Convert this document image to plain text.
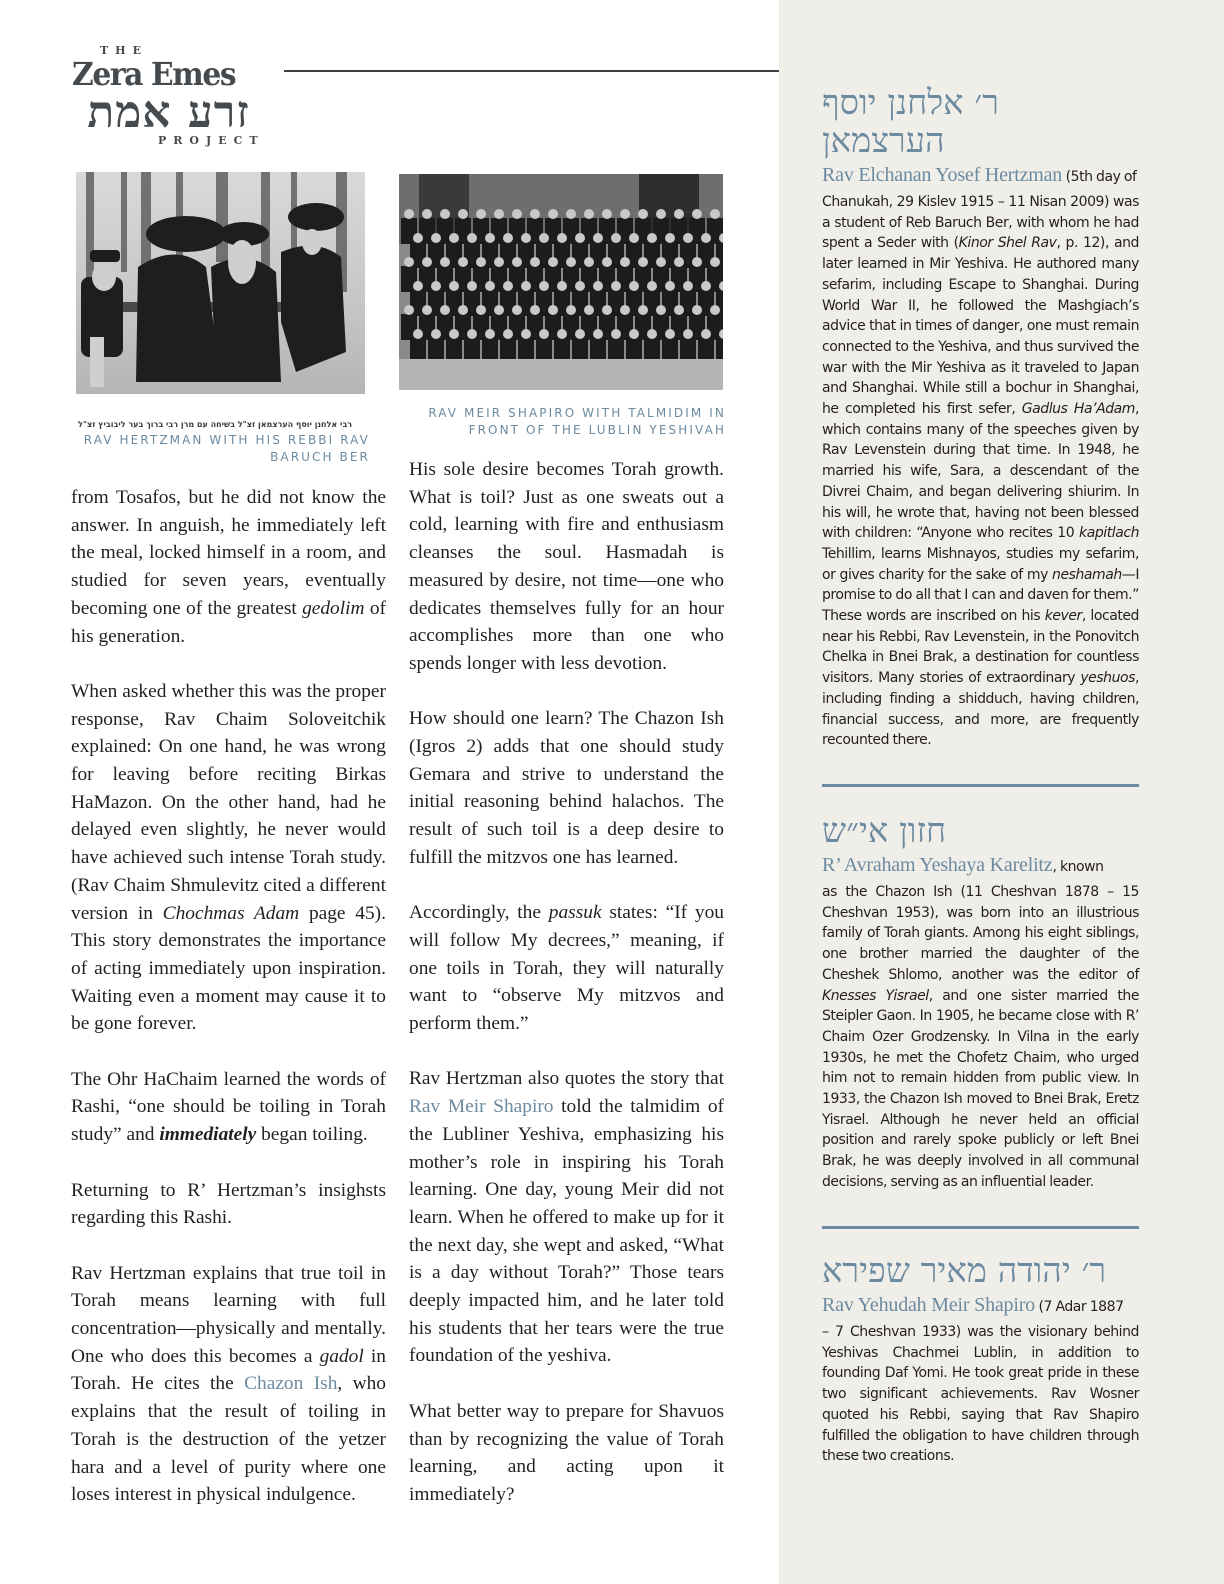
THE
Zera Emes
זרע אמת
PROJECT
רבי אלחנן יוסף הערצמאן זצ"ל בשיחה עם מרן רבי ברוך בער ליבוביץ זצ"ל
RAV HERTZMAN WITH HIS REBBI RAV BARUCH BER
RAV MEIR SHAPIRO WITH TALMIDIM IN FRONT OF THE LUBLIN YESHIVAH

from Tosafos, but he did not know the answer. In anguish, he immediately left the meal, locked himself in a room, and studied for seven years, eventually becoming one of the greatest gedolim of his generation.

When asked whether this was the proper response, Rav Chaim Soloveitchik explained: On one hand, he was wrong for leaving before reciting Birkas HaMazon. On the other hand, had he delayed even slightly, he never would have achieved such intense Torah study. (Rav Chaim Shmulevitz cited a different version in Chochmas Adam page 45). This story demonstrates the importance of acting immediately upon inspiration. Waiting even a moment may cause it to be gone forever.

The Ohr HaChaim learned the words of Rashi, “one should be toiling in Torah study” and immediately began toiling.

Returning to R’ Hertzman’s insighsts regarding this Rashi.

Rav Hertzman explains that true toil in Torah means learning with full concentration—physically and mentally. One who does this becomes a gadol in Torah. He cites the Chazon Ish, who explains that the result of toiling in Torah is the destruction of the yetzer hara and a level of purity where one loses interest in physical indulgence.

His sole desire becomes Torah growth. What is toil? Just as one sweats out a cold, learning with fire and enthusiasm cleanses the soul. Hasmadah is measured by desire, not time—one who dedicates themselves fully for an hour accomplishes more than one who spends longer with less devotion.

How should one learn? The Chazon Ish (Igros 2) adds that one should study Gemara and strive to understand the initial reasoning behind halachos. The result of such toil is a deep desire to fulfill the mitzvos one has learned.

Accordingly, the passuk states: “If you will follow My decrees,” meaning, if one toils in Torah, they will naturally want to “observe My mitzvos and perform them.”

Rav Hertzman also quotes the story that Rav Meir Shapiro told the talmidim of the Lubliner Yeshiva, emphasizing his mother’s role in inspiring his Torah learning. One day, young Meir did not learn. When he offered to make up for it the next day, she wept and asked, “What is a day without Torah?” Those tears deeply impacted him, and he later told his students that her tears were the true foundation of the yeshiva.

What better way to prepare for Shavuos than by recognizing the value of Torah learning, and acting upon it immediately?

ר׳ אלחנן יוסף
הערצמאן
Rav Elchanan Yosef Hertzman (5th day of
Chanukah, 29 Kislev 1915 – 11 Nisan 2009) was a student of Reb Baruch Ber, with whom he had spent a Seder with (Kinor Shel Rav, p. 12), and later learned in Mir Yeshiva. He authored many sefarim, including Escape to Shanghai. During World War II, he followed the Mashgiach’s advice that in times of danger, one must remain connected to the Yeshiva, and thus survived the war with the Mir Yeshiva as it traveled to Japan and Shanghai. While still a bochur in Shanghai, he completed his first sefer, Gadlus Ha’Adam, which contains many of the speeches given by Rav Levenstein during that time. In 1948, he married his wife, Sara, a descendant of the Divrei Chaim, and began delivering shiurim. In his will, he wrote that, having not been blessed with children: “Anyone who recites 10 kapitlach Tehillim, learns Mishnayos, studies my sefarim, or gives charity for the sake of my neshamah—I promise to do all that I can and daven for them.” These words are inscribed on his kever, located near his Rebbi, Rav Levenstein, in the Ponovitch Chelka in Bnei Brak, a destination for countless visitors. Many stories of extraordinary yeshuos, including finding a shidduch, having children, financial success, and more, are frequently recounted there.
חזון אי״ש
R’ Avraham Yeshaya Karelitz, known
as the Chazon Ish (11 Cheshvan 1878 – 15 Cheshvan 1953), was born into an illustrious family of Torah giants. Among his eight siblings, one brother married the daughter of the Cheshek Shlomo, another was the editor of Knesses Yisrael, and one sister married the Steipler Gaon. In 1905, he became close with R’ Chaim Ozer Grodzensky. In Vilna in the early 1930s, he met the Chofetz Chaim, who urged him not to remain hidden from public view. In 1933, the Chazon Ish moved to Bnei Brak, Eretz Yisrael. Although he never held an official position and rarely spoke publicly or left Bnei Brak, he was deeply involved in all communal decisions, serving as an influential leader.
ר׳ יהודה מאיר שפירא
Rav Yehudah Meir Shapiro (7 Adar 1887
– 7 Cheshvan 1933) was the visionary behind Yeshivas Chachmei Lublin, in addition to founding Daf Yomi. He took great pride in these two significant achievements. Rav Wosner quoted his Rebbi, saying that Rav Shapiro fulfilled the obligation to have children through these two creations.
